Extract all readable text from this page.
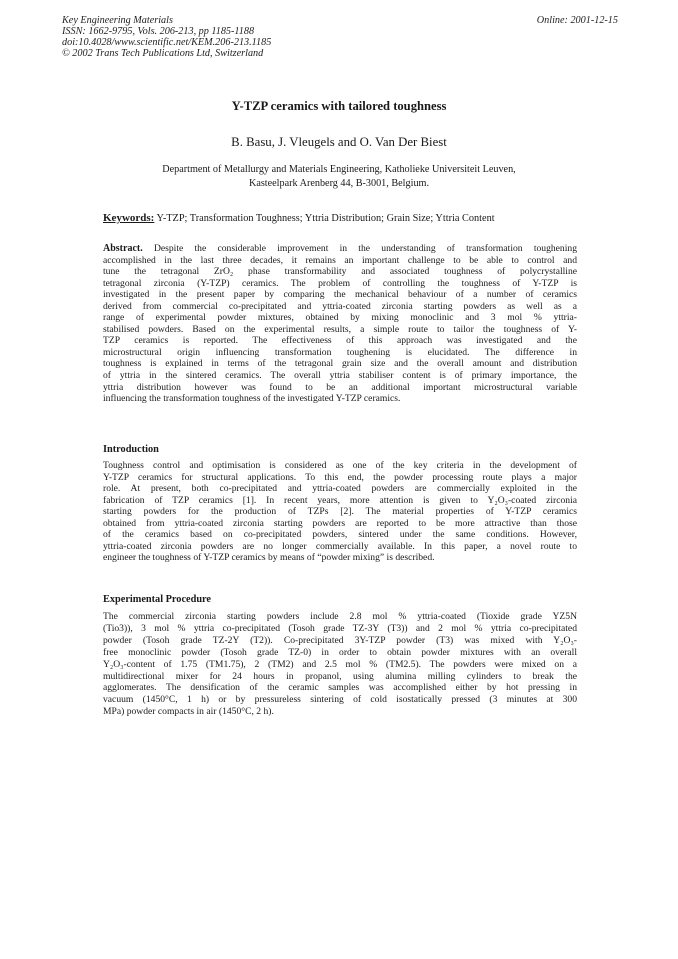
Key Engineering Materials
ISSN: 1662-9795, Vols. 206-213, pp 1185-1188
doi:10.4028/www.scientific.net/KEM.206-213.1185
© 2002 Trans Tech Publications Ltd, Switzerland
Online: 2001-12-15
Y-TZP ceramics with tailored toughness
B. Basu, J. Vleugels and O. Van Der Biest
Department of Metallurgy and Materials Engineering, Katholieke Universiteit Leuven,
Kasteelpark Arenberg 44, B-3001, Belgium.
Keywords: Y-TZP; Transformation Toughness; Yttria Distribution; Grain Size; Yttria Content
Abstract. Despite the considerable improvement in the understanding of transformation toughening
accomplished in the last three decades, it remains an important challenge to be able to control and
tune the tetragonal ZrO₂ phase transformability and associated toughness of polycrystalline
tetragonal zirconia (Y-TZP) ceramics. The problem of controlling the toughness of Y-TZP is
investigated in the present paper by comparing the mechanical behaviour of a number of ceramics
derived from commercial co-precipitated and yttria-coated zirconia starting powders as well as a
range of experimental powder mixtures, obtained by mixing monoclinic and 3 mol % yttria-
stabilised powders. Based on the experimental results, a simple route to tailor the toughness of Y-
TZP ceramics is reported. The effectiveness of this approach was investigated and the
microstructural origin influencing transformation toughening is elucidated. The difference in
toughness is explained in terms of the tetragonal grain size and the overall amount and distribution
of yttria in the sintered ceramics. The overall yttria stabiliser content is of primary importance, the
yttria distribution however was found to be an additional important microstructural variable
influencing the transformation toughness of the investigated Y-TZP ceramics.
Introduction
Toughness control and optimisation is considered as one of the key criteria in the development of
Y-TZP ceramics for structural applications. To this end, the powder processing route plays a major
role. At present, both co-precipitated and yttria-coated powders are commercially exploited in the
fabrication of TZP ceramics [1]. In recent years, more attention is given to Y₂O₃-coated zirconia
starting powders for the production of TZPs [2]. The material properties of Y-TZP ceramics
obtained from yttria-coated zirconia starting powders are reported to be more attractive than those
of the ceramics based on co-precipitated powders, sintered under the same conditions. However,
yttria-coated zirconia powders are no longer commercially available. In this paper, a novel route to
engineer the toughness of Y-TZP ceramics by means of “powder mixing” is described.
Experimental Procedure
The commercial zirconia starting powders include 2.8 mol % yttria-coated (Tioxide grade YZ5N
(Tio3)), 3 mol % yttria co-precipitated (Tosoh grade TZ-3Y (T3)) and 2 mol % yttria co-precipitated
powder (Tosoh grade TZ-2Y (T2)). Co-precipitated 3Y-TZP powder (T3) was mixed with Y₂O₃-
free monoclinic powder (Tosoh grade TZ-0) in order to obtain powder mixtures with an overall
Y₂O₃-content of 1.75 (TM1.75), 2 (TM2) and 2.5 mol % (TM2.5). The powders were mixed on a
multidirectional mixer for 24 hours in propanol, using alumina milling cylinders to break the
agglomerates. The densification of the ceramic samples was accomplished either by hot pressing in
vacuum (1450°C, 1 h) or by pressureless sintering of cold isostatically pressed (3 minutes at 300
MPa) powder compacts in air (1450°C, 2 h).
